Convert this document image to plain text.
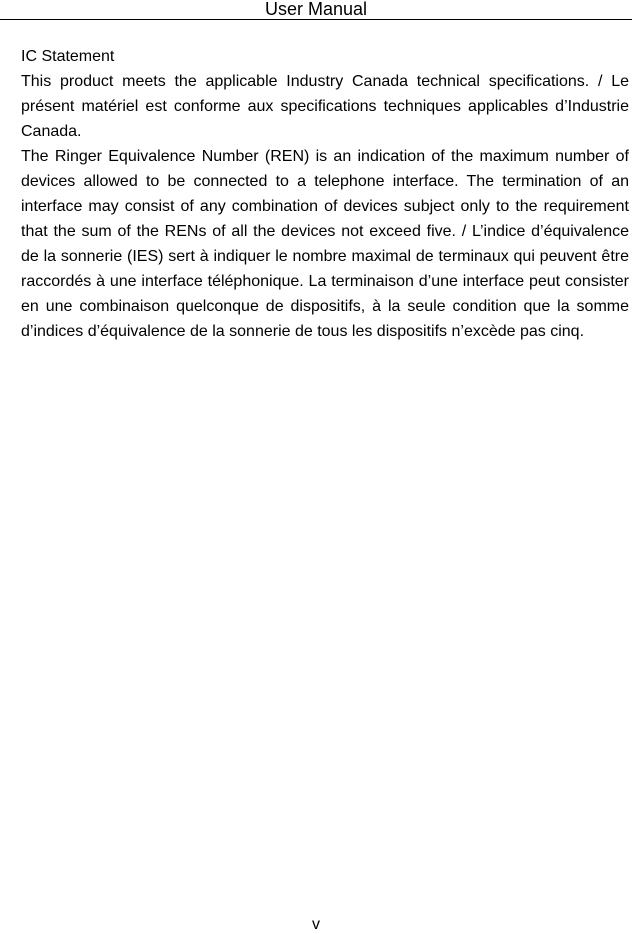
User Manual

IC Statement

This product meets the applicable Industry Canada technical specifications. / Le présent matériel est conforme aux specifications techniques applicables d’Industrie Canada.

The Ringer Equivalence Number (REN) is an indication of the maximum number of devices allowed to be connected to a telephone interface. The termination of an interface may consist of any combination of devices subject only to the requirement that the sum of the RENs of all the devices not exceed five. / L’indice d’équivalence de la sonnerie (IES) sert à indiquer le nombre maximal de terminaux qui peuvent être raccordés à une interface téléphonique. La terminaison d’une interface peut consister en une combinaison quelconque de dispositifs, à la seule condition que la somme d’indices d’équivalence de la sonnerie de tous les dispositifs n’excède pas cinq.

v
